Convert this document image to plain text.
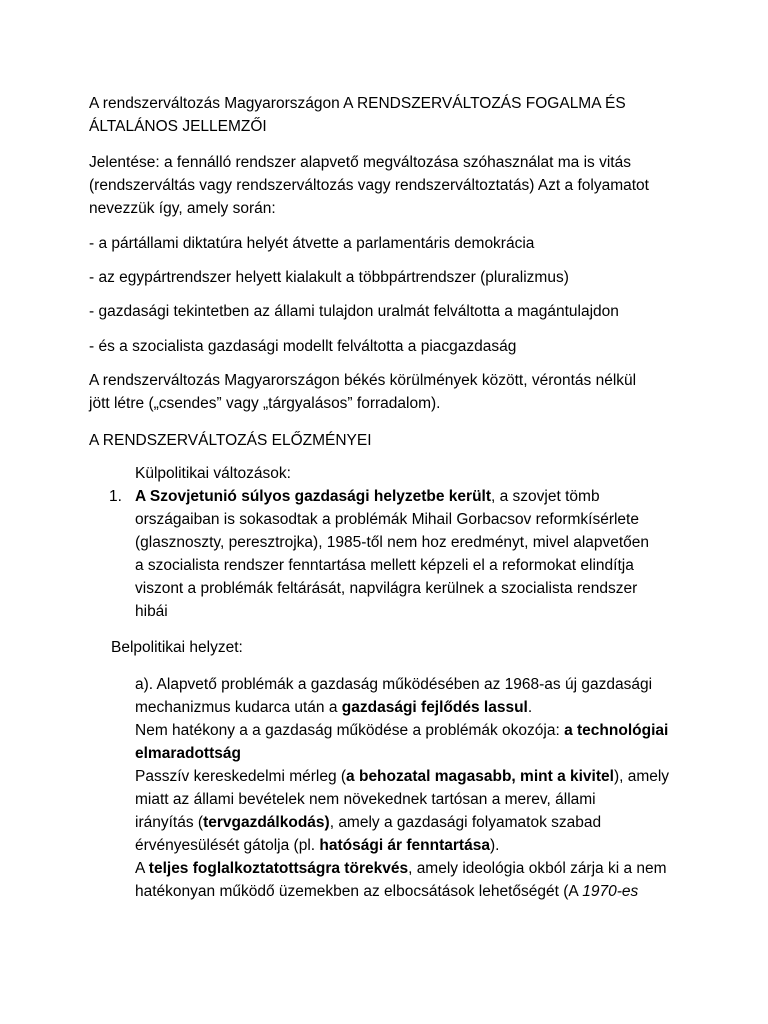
A rendszerváltozás Magyarországon A RENDSZERVÁLTOZÁS FOGALMA ÉS
ÁLTALÁNOS JELLEMZŐI
Jelentése: a fennálló rendszer alapvető megváltozása szóhasználat ma is vitás
(rendszerváltás vagy rendszerváltozás vagy rendszerváltoztatás) Azt a folyamatot
nevezzük így, amely során:
- a pártállami diktatúra helyét átvette a parlamentáris demokrácia
- az egypártrendszer helyett kialakult a többpártrendszer (pluralizmus)
- gazdasági tekintetben az állami tulajdon uralmát felváltotta a magántulajdon
- és a szocialista gazdasági modellt felváltotta a piacgazdaság
A rendszerváltozás Magyarországon békés körülmények között, vérontás nélkül
jött létre („csendes” vagy „tárgyalásos” forradalom).
A RENDSZERVÁLTOZÁS ELŐZMÉNYEI
Külpolitikai változások:
1. A Szovjetunió súlyos gazdasági helyzetbe került, a szovjet tömb
országaiban is sokasodtak a problémák Mihail Gorbacsov reformkísérlete
(glasznoszty, peresztrojka), 1985-től nem hoz eredményt, mivel alapvetően
a szocialista rendszer fenntartása mellett képzeli el a reformokat elindítja
viszont a problémák feltárását, napvilágra kerülnek a szocialista rendszer
hibái
Belpolitikai helyzet:
a). Alapvető problémák a gazdaság működésében az 1968-as új gazdasági
mechanizmus kudarca után a gazdasági fejlődés lassul.
Nem hatékony a a gazdaság működése a problémák okozója: a technológiai
elmaradottság
Passzív kereskedelmi mérleg (a behozatal magasabb, mint a kivitel), amely
miatt az állami bevételek nem növekednek tartósan a merev, állami
irányítás (tervgazdálkodás), amely a gazdasági folyamatok szabad
érvényesülését gátolja (pl. hatósági ár fenntartása).
A teljes foglalkoztatottságra törekvés, amely ideológia okból zárja ki a nem
hatékonyan működő üzemekben az elbocsátások lehetőségét (A 1970-es
